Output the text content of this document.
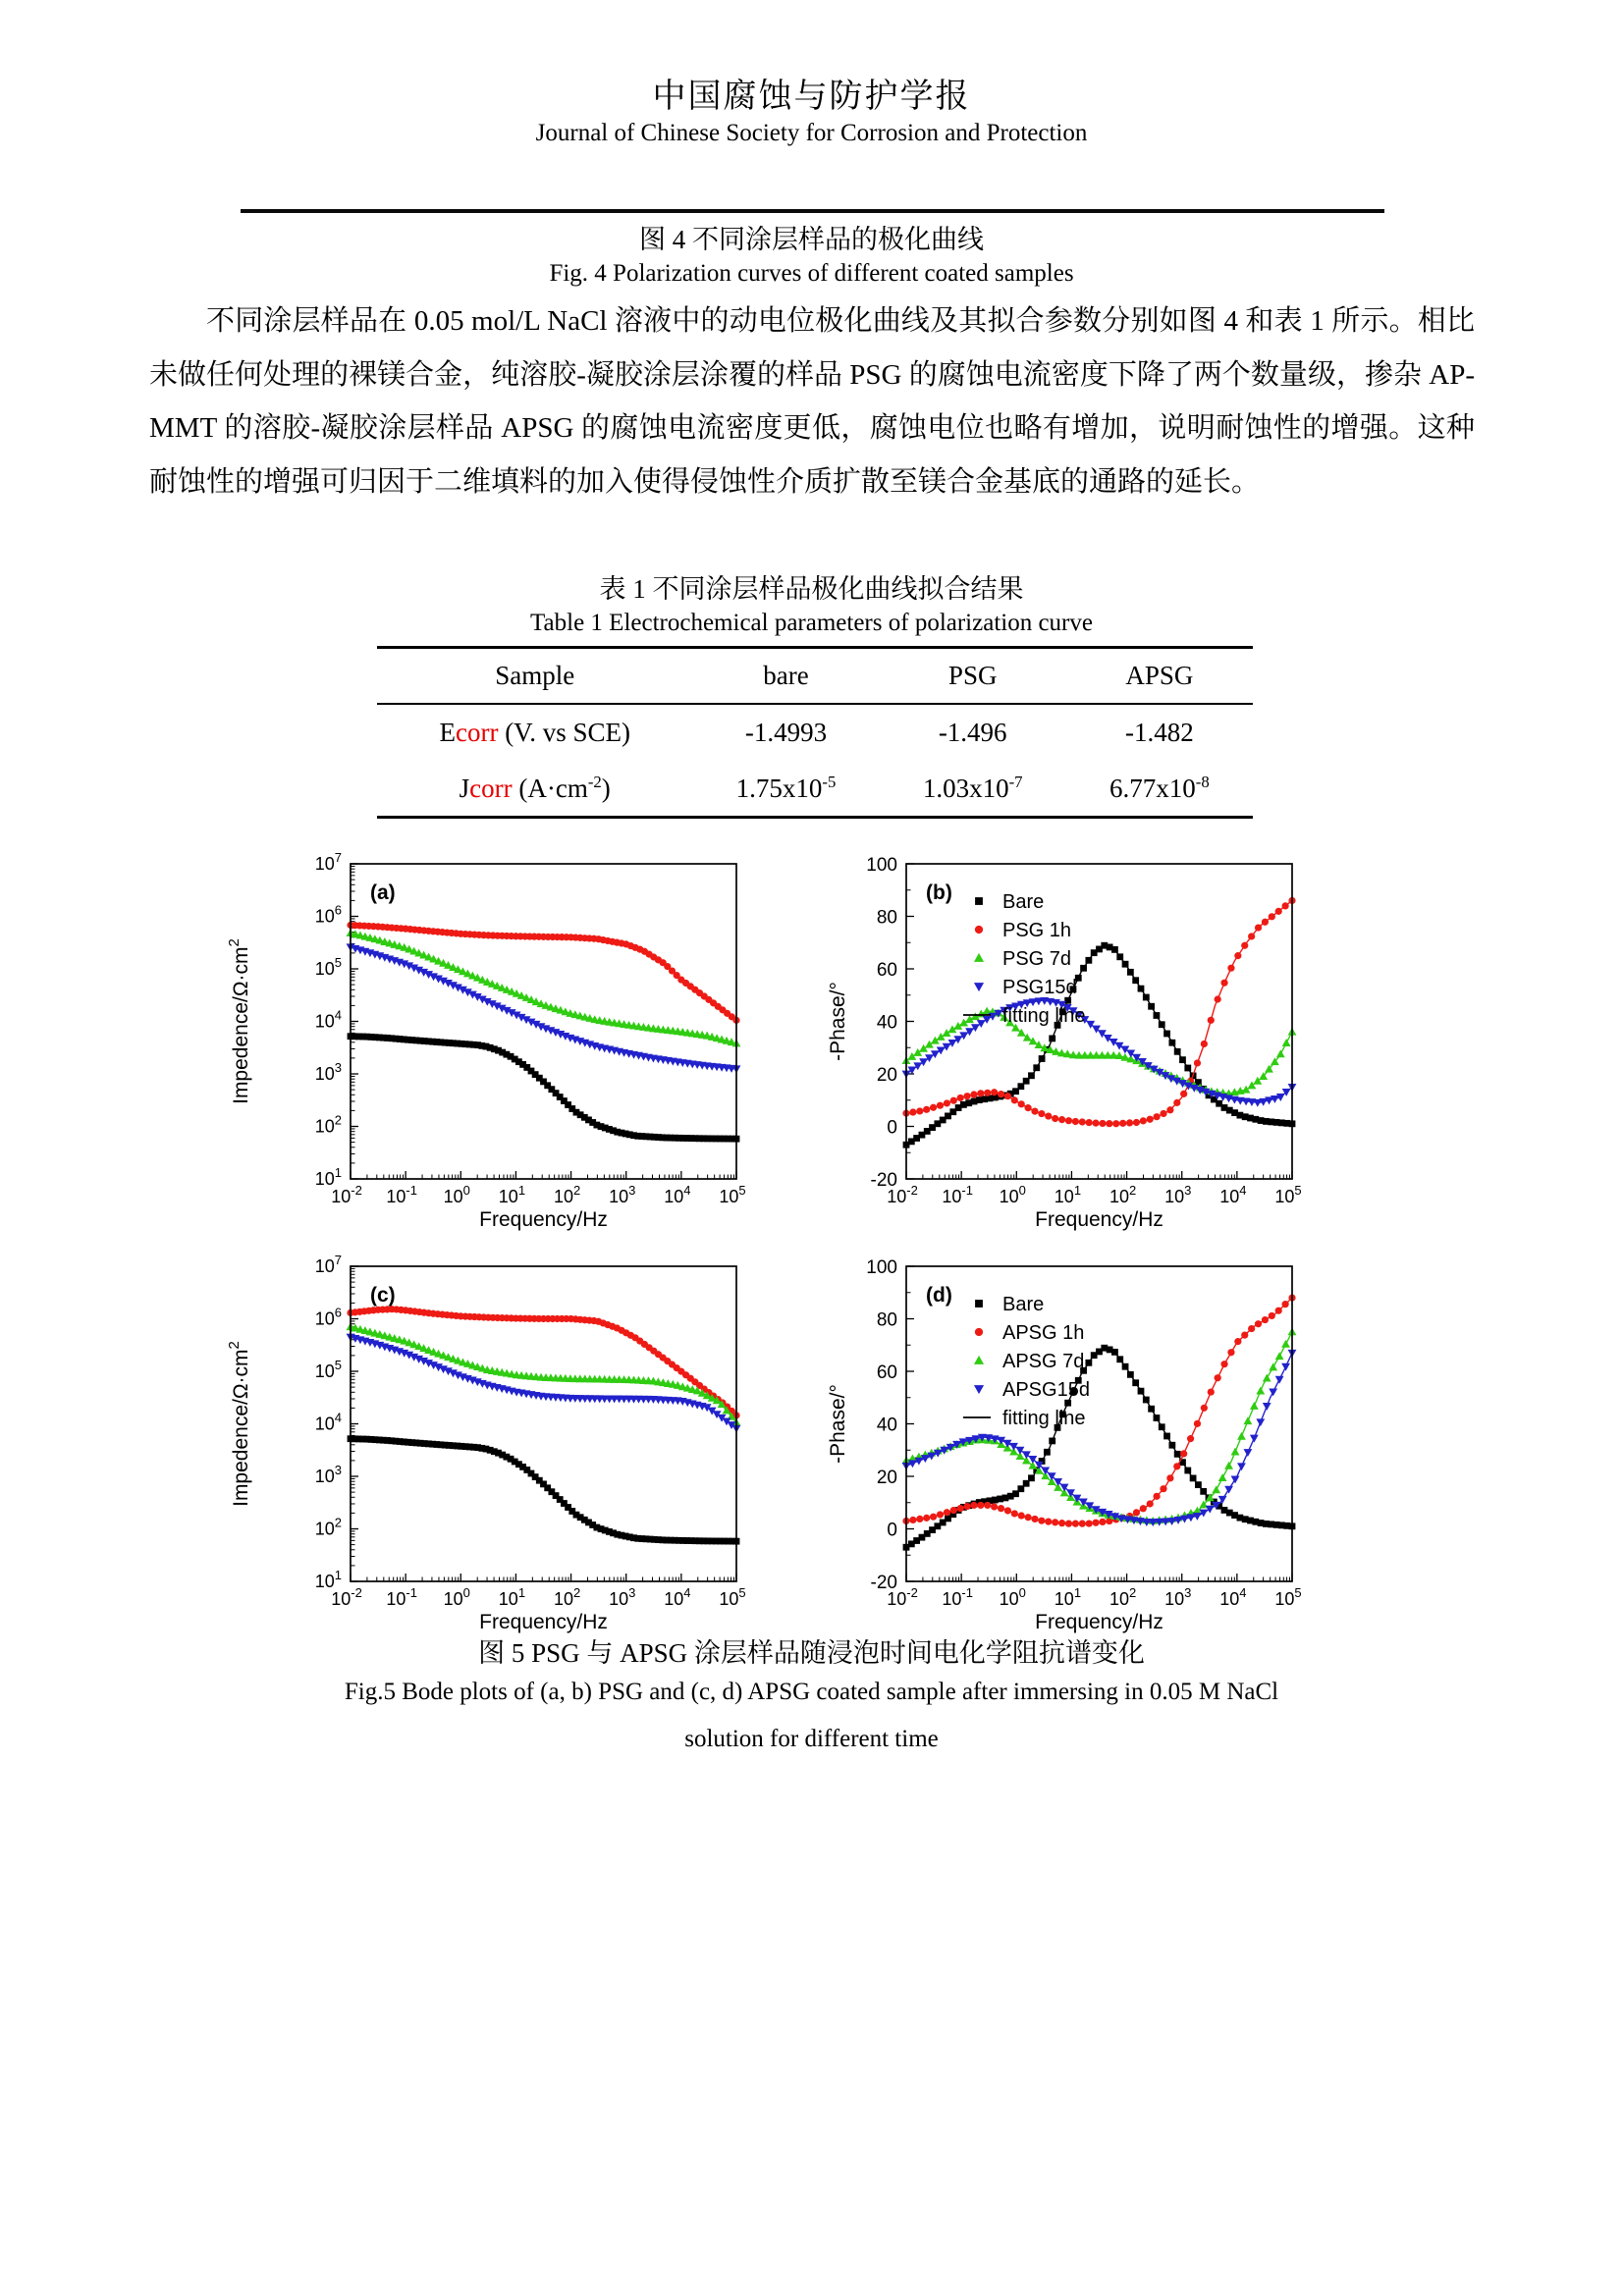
中国腐蚀与防护学报
Journal of Chinese Society for Corrosion and Protection
图 4 不同涂层样品的极化曲线
Fig. 4 Polarization curves of different coated samples

不同涂层样品在 0.05 mol/L NaCl 溶液中的动电位极化曲线及其拟合参数分别如图 4 和表 1 所示。相比未做任何处理的裸镁合金，纯溶胶-凝胶涂层涂覆的样品 PSG 的腐蚀电流密度下降了两个数量级，掺杂 AP-MMT 的溶胶-凝胶涂层样品 APSG 的腐蚀电流密度更低，腐蚀电位也略有增加，说明耐蚀性的增强。这种耐蚀性的增强可归因于二维填料的加入使得侵蚀性介质扩散至镁合金基底的通路的延长。

表 1 不同涂层样品极化曲线拟合结果
Table 1 Electrochemical parameters of polarization curve
Sample	bare	PSG	APSG
Ecorr (V. vs SCE)	-1.4993	-1.496	-1.482
Jcorr $(A\cdot cm^{-2})$	$1.75x10^{-5}$	$1.03x10^{-7}$	$6.77x10^{-8}$
$10^{-2}$ $10^{-1}$ $10^0$ $10^1$ $10^2$ $10^3$ $10^4$ $10^5$
$10^1$
$10^2$
$10^3$
$10^4$
$10^5$
$10^6$
$10^7$
(a)
Frequency/Hz
Impedence/$\Omega\cdot cm^2$
$10^{-2}$ $10^{-1}$ $10^0$ $10^1$ $10^2$ $10^3$ $10^4$ $10^5$
-20
0
20
40
60
80
100
(b)	Bare
PSG 1h
PSG 7d
PSG15d
fitting line
Frequency/Hz
-Phase/°
$10^{-2}$ $10^{-1}$ $10^0$ $10^1$ $10^2$ $10^3$ $10^4$ $10^5$
$10^1$
$10^2$
$10^3$
$10^4$
$10^5$
$10^6$
$10^7$
(c)
Frequency/Hz
Impedence/$\Omega\cdot cm^2$
$10^{-2}$ $10^{-1}$ $10^0$ $10^1$ $10^2$ $10^3$ $10^4$ $10^5$
-20
0
20
40
60
80
100
(d)	Bare
APSG 1h
APSG 7d
APSG15d
fitting line
Frequency/Hz
-Phase/°
图 5 PSG 与 APSG 涂层样品随浸泡时间电化学阻抗谱变化
Fig.5 Bode plots of (a, b) PSG and (c, d) APSG coated sample after immersing in 0.05 M NaCl
solution for different time
